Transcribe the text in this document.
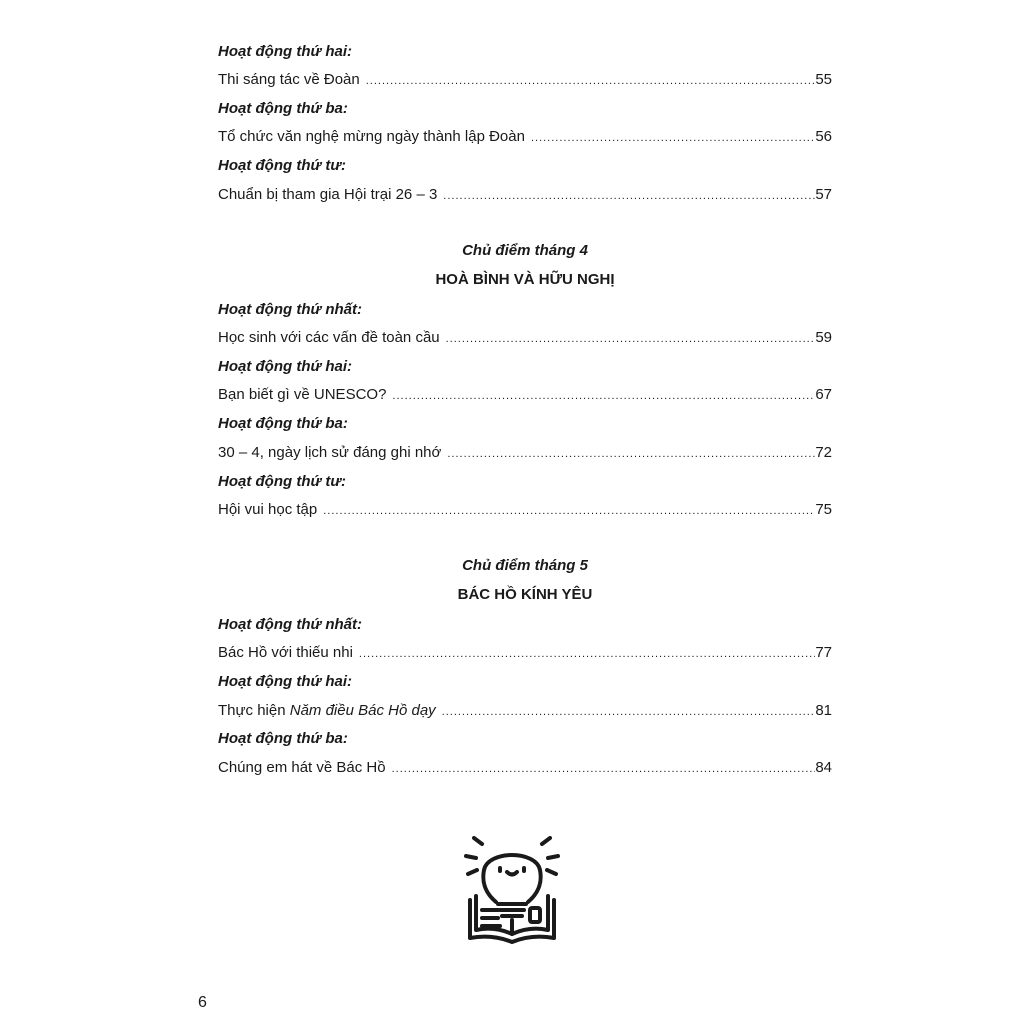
Hoạt động thứ hai:
Thi sáng tác về Đoàn .....	55
Hoạt động thứ ba:
Tổ chức văn nghệ mừng ngày thành lập Đoàn .....	56
Hoạt động thứ tư:
Chuẩn bị tham gia Hội trại 26 – 3 .....	57
Chủ điểm tháng 4
HOÀ BÌNH VÀ HỮU NGHỊ
Hoạt động thứ nhất:
Học sinh với các vấn đề toàn cầu .....	59
Hoạt động thứ hai:
Bạn biết gì về UNESCO? .....	67
Hoạt động thứ ba:
30 – 4, ngày lịch sử đáng ghi nhớ .....	72
Hoạt động thứ tư:
Hội vui học tập .....	75
Chủ điểm tháng 5
BÁC HỒ KÍNH YÊU
Hoạt động thứ nhất:
Bác Hồ với thiếu nhi .....	77
Hoạt động thứ hai:
Thực hiện Năm điều Bác Hồ dạy .....	81
Hoạt động thứ ba:
Chúng em hát về Bác Hồ .....	84
6
